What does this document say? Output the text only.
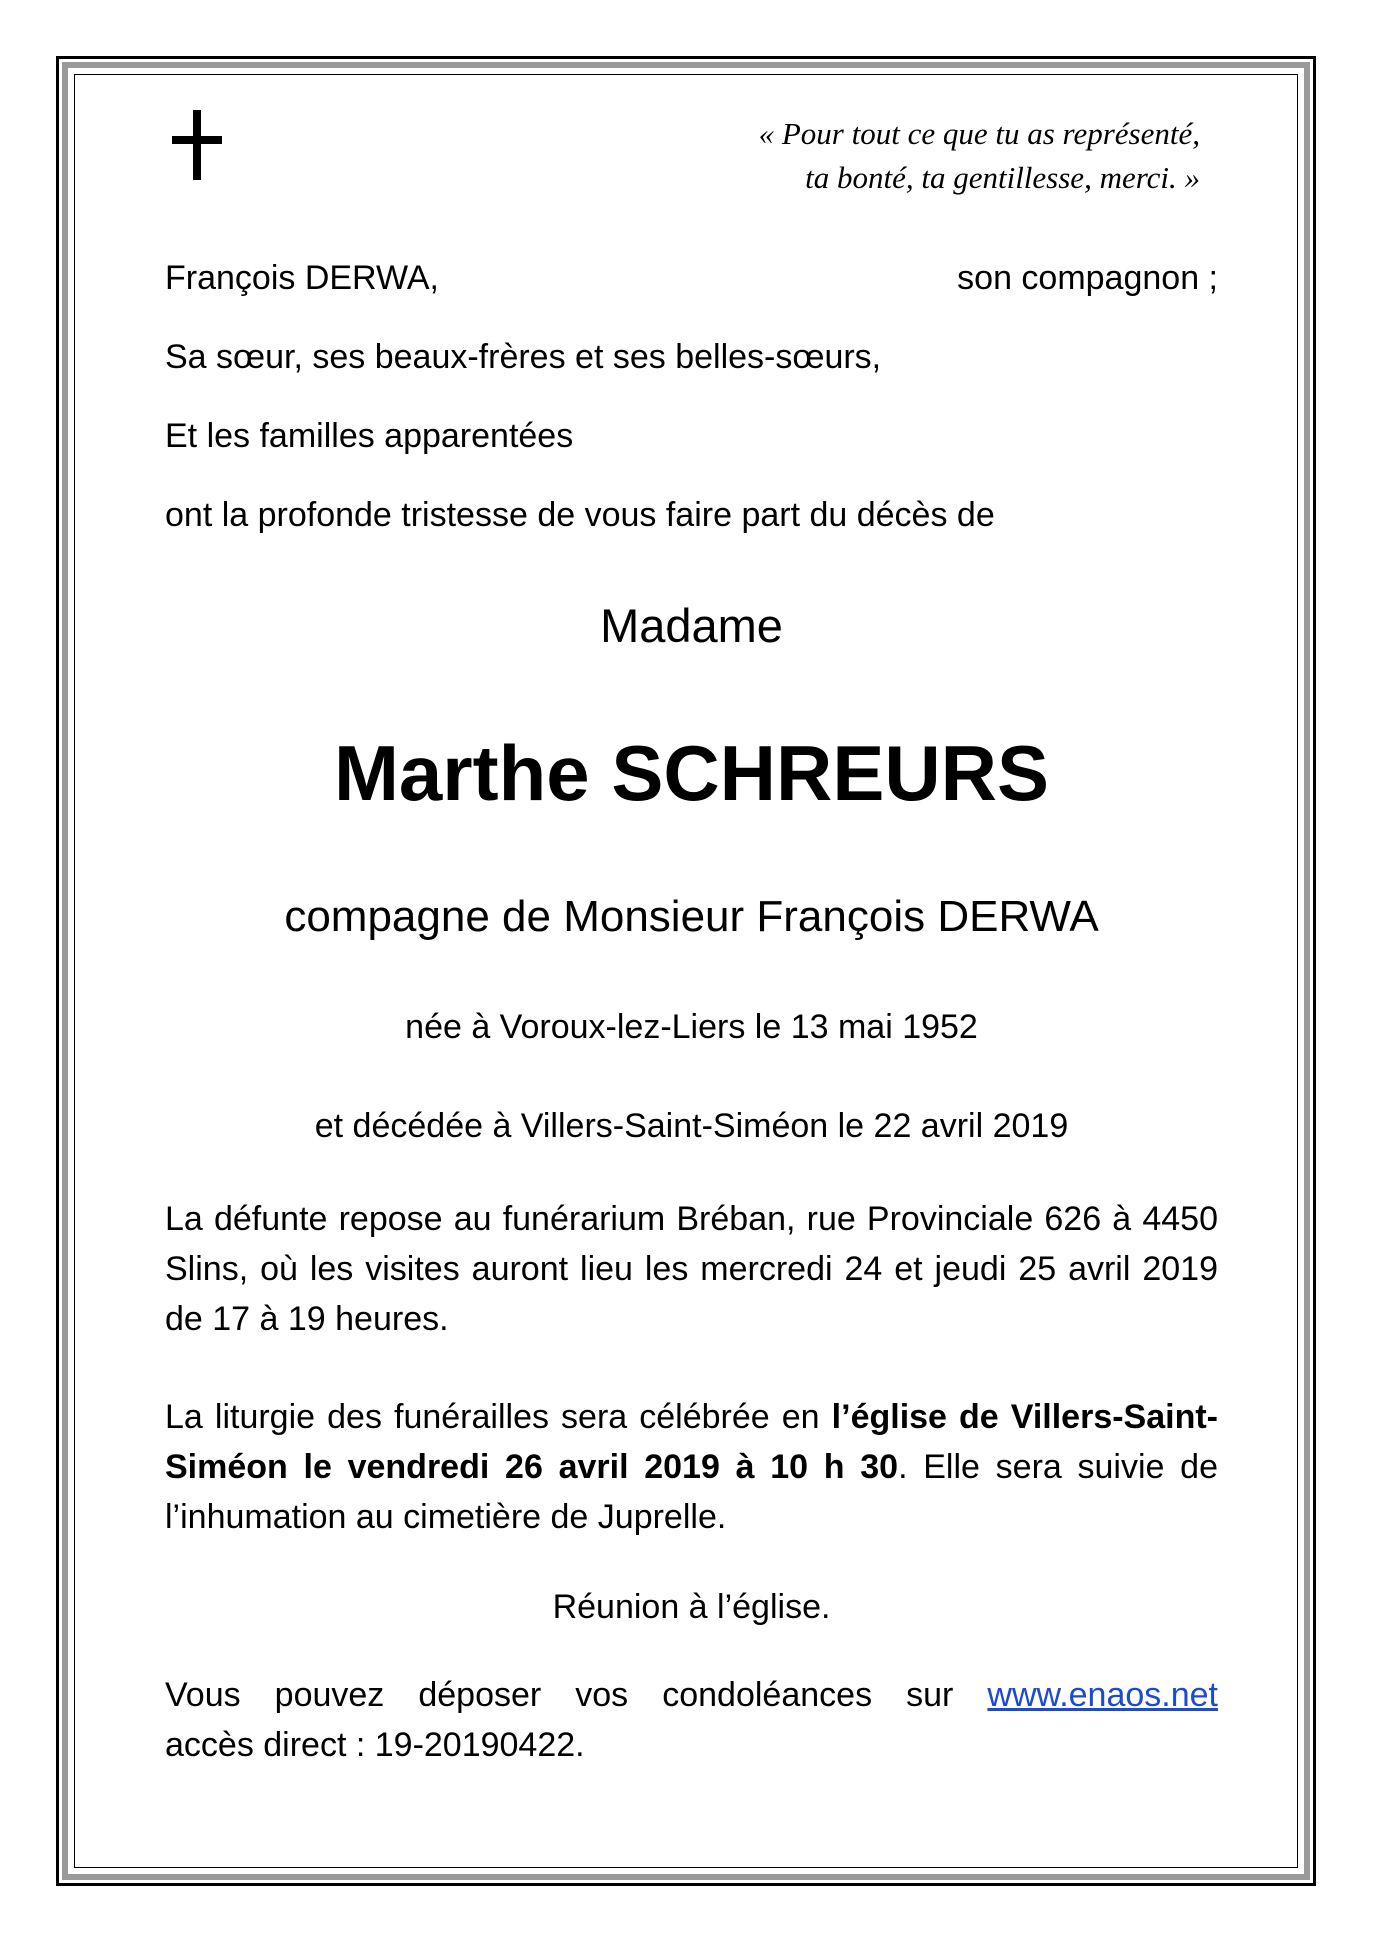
« Pour tout ce que tu as représenté,
ta bonté, ta gentillesse, merci. »
François DERWA,	son compagnon ;
Sa sœur, ses beaux-frères et ses belles-sœurs,
Et les familles apparentées
ont la profonde tristesse de vous faire part du décès de
Madame
Marthe SCHREURS
compagne de Monsieur François DERWA
née à Voroux-lez-Liers le 13 mai 1952
et décédée à Villers-Saint-Siméon le 22 avril 2019
La défunte repose au funérarium Bréban, rue Provinciale 626 à 4450 Slins, où les visites auront lieu les mercredi 24 et jeudi 25 avril 2019 de 17 à 19 heures.
La liturgie des funérailles sera célébrée en l’église de Villers-Saint-Siméon le vendredi 26 avril 2019 à 10 h 30. Elle sera suivie de l’inhumation au cimetière de Juprelle.
Réunion à l’église.
Vous pouvez déposer vos condoléances sur www.enaos.net
accès direct : 19-20190422.
